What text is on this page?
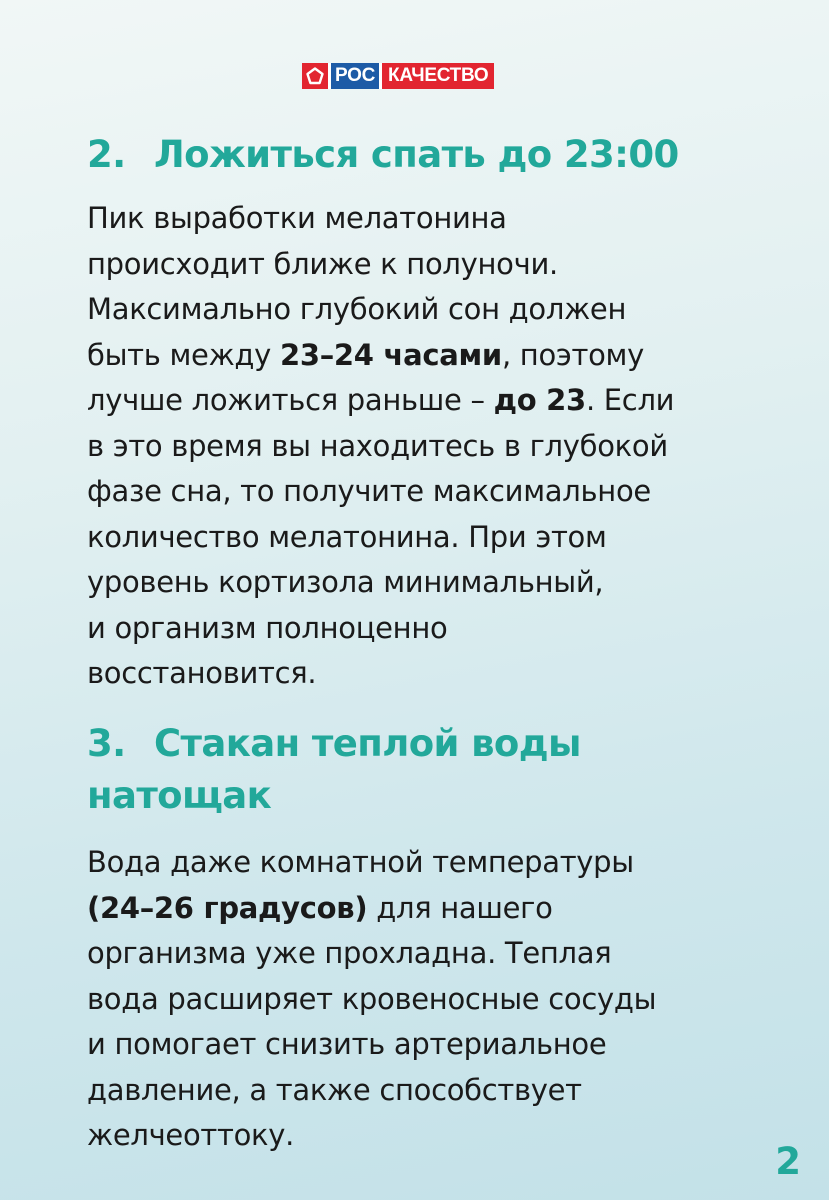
РОС КАЧЕСТВО
2. Ложиться спать до 23:00
Пик выработки мелатонина
происходит ближе к полуночи.
Максимально глубокий сон должен
быть между 23–24 часами, поэтому
лучше ложиться раньше – до 23. Если
в это время вы находитесь в глубокой
фазе сна, то получите максимальное
количество мелатонина. При этом
уровень кортизола минимальный,
и организм полноценно
восстановится.
3. Стакан теплой воды
натощак
Вода даже комнатной температуры
(24–26 градусов) для нашего
организма уже прохладна. Теплая
вода расширяет кровеносные сосуды
и помогает снизить артериальное
давление, а также способствует
желчеоттоку.
2
